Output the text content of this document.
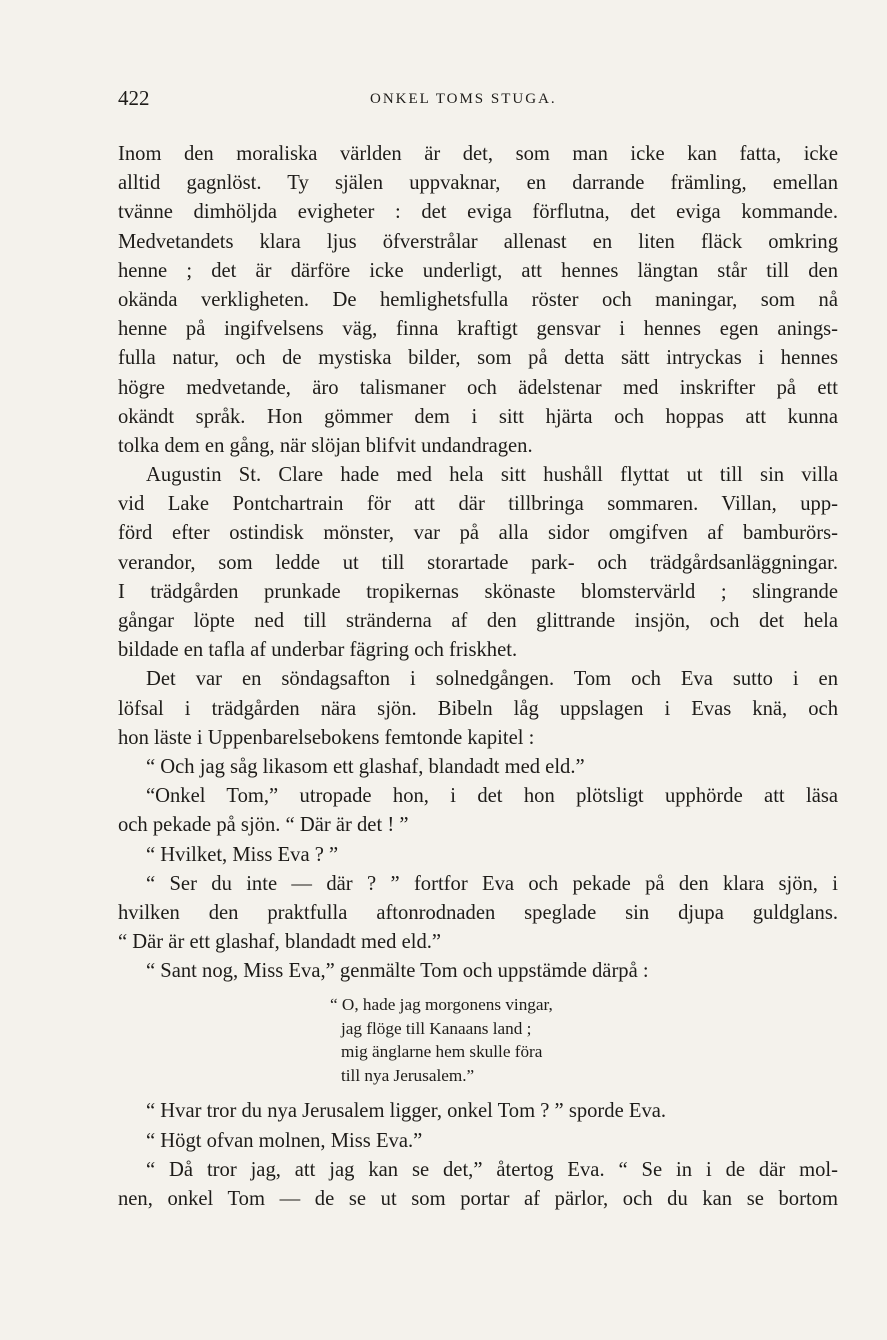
422	ONKEL TOMS STUGA.
Inom den moraliska världen är det, som man icke kan fatta, icke
alltid gagnlöst. Ty själen uppvaknar, en darrande främling, emellan
tvänne dimhöljda evigheter : det eviga förflutna, det eviga kommande.
Medvetandets klara ljus öfverstrålar allenast en liten fläck omkring
henne ; det är därföre icke underligt, att hennes längtan står till den
okända verkligheten. De hemlighetsfulla röster och maningar, som nå
henne på ingifvelsens väg, finna kraftigt gensvar i hennes egen anings-
fulla natur, och de mystiska bilder, som på detta sätt intryckas i hennes
högre medvetande, äro talismaner och ädelstenar med inskrifter på ett
okändt språk. Hon gömmer dem i sitt hjärta och hoppas att kunna
tolka dem en gång, när slöjan blifvit undandragen.
Augustin St. Clare hade med hela sitt hushåll flyttat ut till sin villa
vid Lake Pontchartrain för att där tillbringa sommaren. Villan, upp-
förd efter ostindisk mönster, var på alla sidor omgifven af bamburörs-
verandor, som ledde ut till storartade park- och trädgårdsanläggningar.
I trädgården prunkade tropikernas skönaste blomstervärld ; slingrande
gångar löpte ned till stränderna af den glittrande insjön, och det hela
bildade en tafla af underbar fägring och friskhet.
Det var en söndagsafton i solnedgången. Tom och Eva sutto i en
löfsal i trädgården nära sjön. Bibeln låg uppslagen i Evas knä, och
hon läste i Uppenbarelsebokens femtonde kapitel :
“ Och jag såg likasom ett glashaf, blandadt med eld.”
“Onkel Tom,” utropade hon, i det hon plötsligt upphörde att läsa
och pekade på sjön. “ Där är det ! ”
“ Hvilket, Miss Eva ? ”
“ Ser du inte — där ? ” fortfor Eva och pekade på den klara sjön, i
hvilken den praktfulla aftonrodnaden speglade sin djupa guldglans.
“ Där är ett glashaf, blandadt med eld.”
“ Sant nog, Miss Eva,” genmälte Tom och uppstämde därpå :
“ O, hade jag morgonens vingar,
jag flöge till Kanaans land ;
mig änglarne hem skulle föra
till nya Jerusalem.”
“ Hvar tror du nya Jerusalem ligger, onkel Tom ? ” sporde Eva.
“ Högt ofvan molnen, Miss Eva.”
“ Då tror jag, att jag kan se det,” återtog Eva. “ Se in i de där mol-
nen, onkel Tom — de se ut som portar af pärlor, och du kan se bortom
